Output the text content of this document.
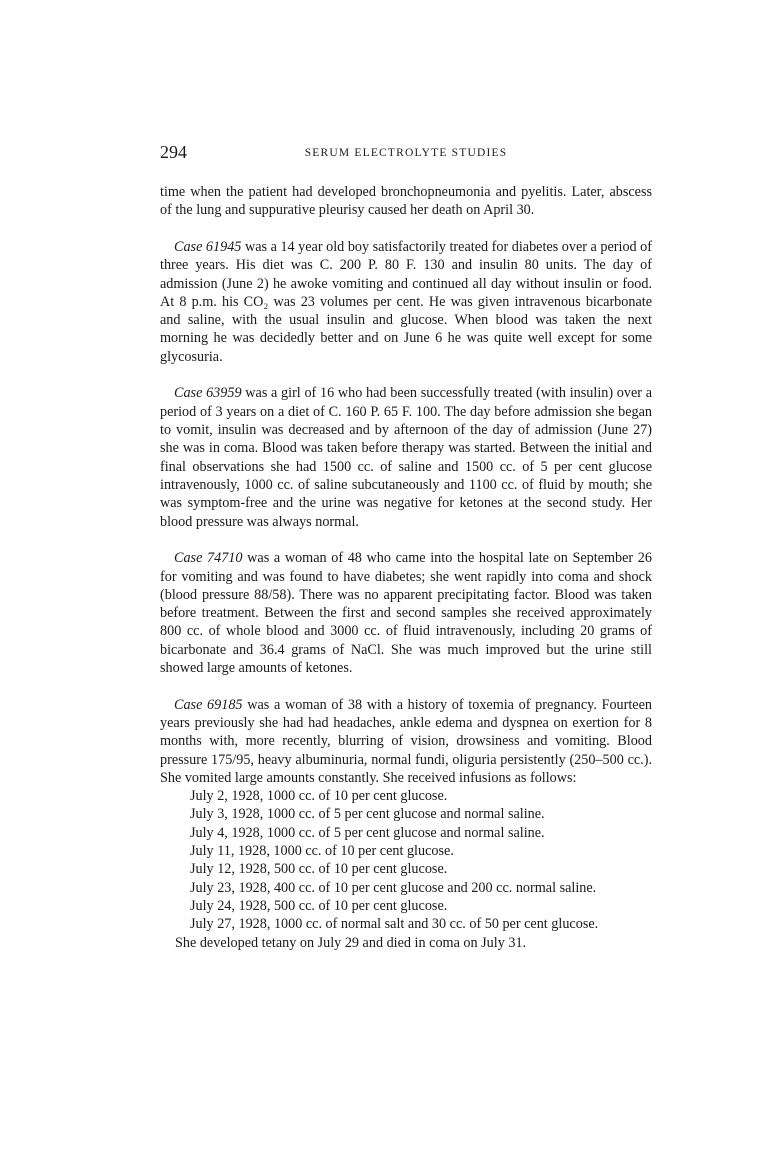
294	SERUM ELECTROLYTE STUDIES

time when the patient had developed bronchopneumonia and pyelitis. Later, abscess of the lung and suppurative pleurisy caused her death on April 30.

Case 61945 was a 14 year old boy satisfactorily treated for diabetes over a period of three years. His diet was C. 200 P. 80 F. 130 and insulin 80 units. The day of admission (June 2) he awoke vomiting and continued all day without insulin or food. At 8 p.m. his CO₂ was 23 volumes per cent. He was given intravenous bicarbonate and saline, with the usual insulin and glucose. When blood was taken the next morning he was decidedly better and on June 6 he was quite well except for some glycosuria.

Case 63959 was a girl of 16 who had been successfully treated (with insulin) over a period of 3 years on a diet of C. 160 P. 65 F. 100. The day before admission she began to vomit, insulin was decreased and by afternoon of the day of admission (June 27) she was in coma. Blood was taken before therapy was started. Between the initial and final observations she had 1500 cc. of saline and 1500 cc. of 5 per cent glucose intravenously, 1000 cc. of saline subcutaneously and 1100 cc. of fluid by mouth; she was symptom-free and the urine was negative for ketones at the second study. Her blood pressure was always normal.

Case 74710 was a woman of 48 who came into the hospital late on September 26 for vomiting and was found to have diabetes; she went rapidly into coma and shock (blood pressure 88/58). There was no apparent precipitating factor. Blood was taken before treatment. Between the first and second samples she received approximately 800 cc. of whole blood and 3000 cc. of fluid intravenously, including 20 grams of bicarbonate and 36.4 grams of NaCl. She was much improved but the urine still showed large amounts of ketones.

Case 69185 was a woman of 38 with a history of toxemia of pregnancy. Fourteen years previously she had had headaches, ankle edema and dyspnea on exertion for 8 months with, more recently, blurring of vision, drowsiness and vomiting. Blood pressure 175/95, heavy albuminuria, normal fundi, oliguria persistently (250–500 cc.). She vomited large amounts constantly. She received infusions as follows:

July 2, 1928, 1000 cc. of 10 per cent glucose.
July 3, 1928, 1000 cc. of 5 per cent glucose and normal saline.
July 4, 1928, 1000 cc. of 5 per cent glucose and normal saline.
July 11, 1928, 1000 cc. of 10 per cent glucose.
July 12, 1928, 500 cc. of 10 per cent glucose.
July 23, 1928, 400 cc. of 10 per cent glucose and 200 cc. normal saline.
July 24, 1928, 500 cc. of 10 per cent glucose.
July 27, 1928, 1000 cc. of normal salt and 30 cc. of 50 per cent glucose.

She developed tetany on July 29 and died in coma on July 31.
